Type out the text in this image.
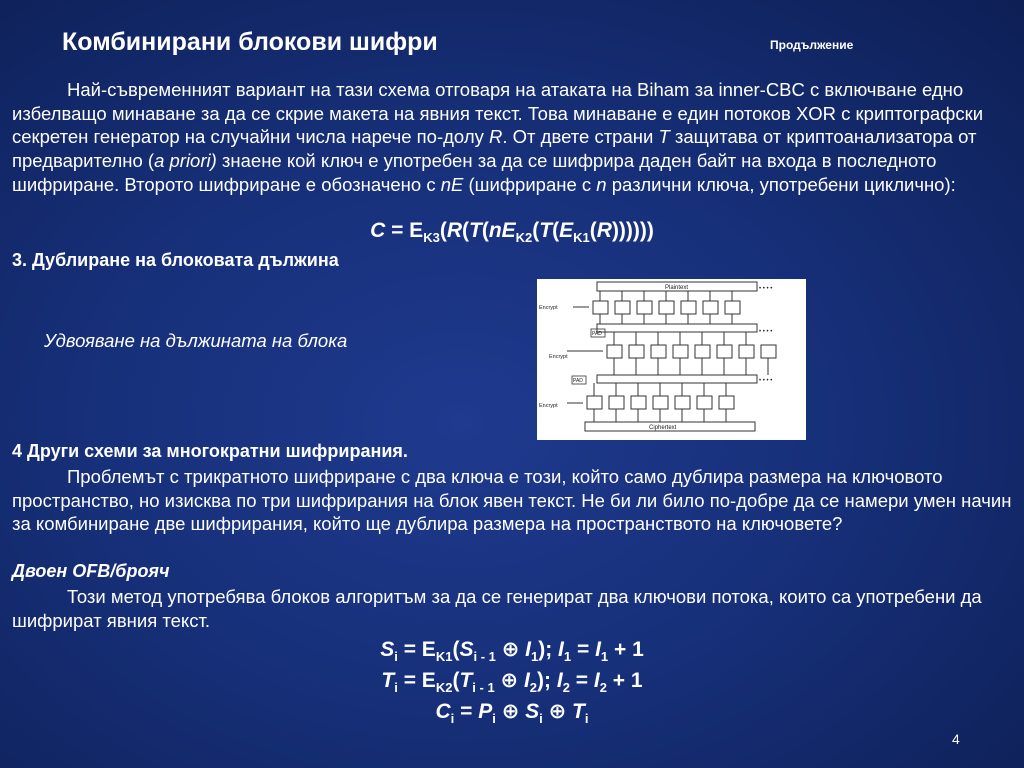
Комбинирани блокови шифри	Продължение
Най-съвременният вариант на тази схема отговаря на атаката на Biham за inner-CBC с включване едно избелващо минаване за да се скрие макета на явния текст. Това минаване е един потоков XOR с криптографски секретен генератор на случайни числа нарече по-долу R. От двете страни T защитава от криптоанализатора от предварително (a priori) знаене кой ключ е употребен за да се шифрира даден байт на входа в последното шифриране. Второто шифриране е обозначено с nE (шифриране с n различни ключа, употребени циклично):
$C = E_{K3}(R(T(nE_{K2}(T(E_{K1}(R))))))$
3. Дублиране на блоковата дължина
Удвояване на дължината на блока
Plaintext
Ciphertext
Encrypt
Encrypt
Encrypt
PAD
PAD
• • • •
• • • •
• • • •
4 Други схеми за многократни шифрирания.
Проблемът с трикратното шифриране с два ключа е този, който само дублира размера на ключовото пространство, но изисква по три шифрирания на блок явен текст. Не би ли било по-добре да се намери умен начин за комбиниране две шифрирания, който ще дублира размера на пространството на ключовете?
Двоен OFB/брояч
Този метод употребява блоков алгоритъм за да се генерират два ключови потока, които са употребени да шифрират явния текст.
$S_i = E_{K1}(S_{i - 1}$ ⊕ $I_1$); $I_1 = I_1 + 1$
$T_i = E_{K2}(T_{i - 1}$ ⊕ $I_2$); $I_2 = I_2 + 1$
$C_i = P_i$ ⊕ $S_i$ ⊕ $T_i$
4
